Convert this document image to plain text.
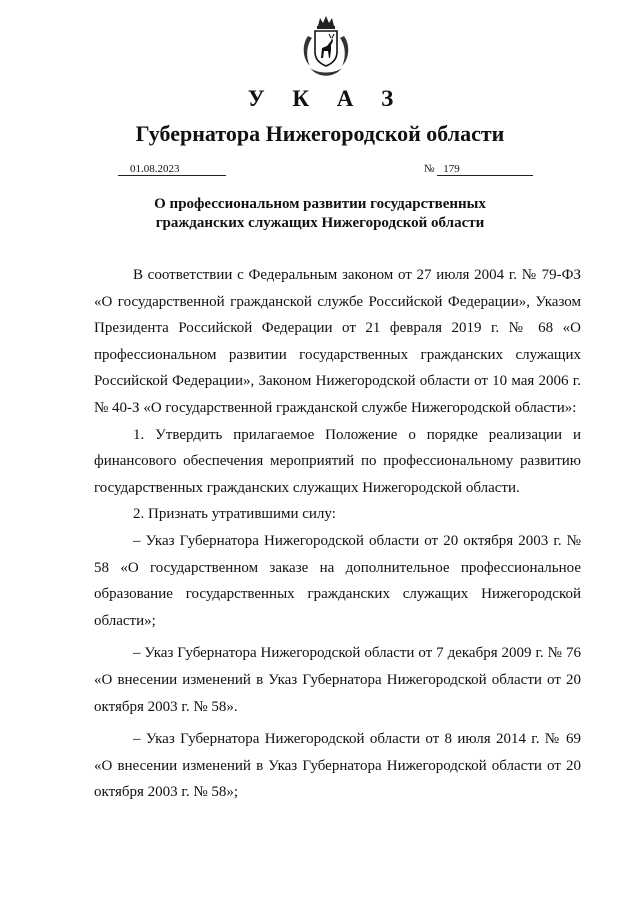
У К А З
Губернатора Нижегородской области
01.08.2023	№ 179
О профессиональном развитии государственных
гражданских служащих Нижегородской области

В соответствии с Федеральным законом от 27 июля 2004 г. № 79-ФЗ «О государственной гражданской службе Российской Федерации», Указом Президента Российской Федерации от 21 февраля 2019 г. № 68 «О профессиональном развитии государственных гражданских служащих Российской Федерации», Законом Нижегородской области от 10 мая 2006 г. № 40-З «О государственной гражданской службе Нижегородской области»:

1. Утвердить прилагаемое Положение о порядке реализации и финансового обеспечения мероприятий по профессиональному развитию государственных гражданских служащих Нижегородской области.

2. Признать утратившими силу:

– Указ Губернатора Нижегородской области от 20 октября 2003 г. № 58 «О государственном заказе на дополнительное профессиональное образование государственных гражданских служащих Нижегородской области»;

– Указ Губернатора Нижегородской области от 7 декабря 2009 г. № 76 «О внесении изменений в Указ Губернатора Нижегородской области от 20 октября 2003 г. № 58».

– Указ Губернатора Нижегородской области от 8 июля 2014 г. № 69 «О внесении изменений в Указ Губернатора Нижегородской области от 20 октября 2003 г. № 58»;
